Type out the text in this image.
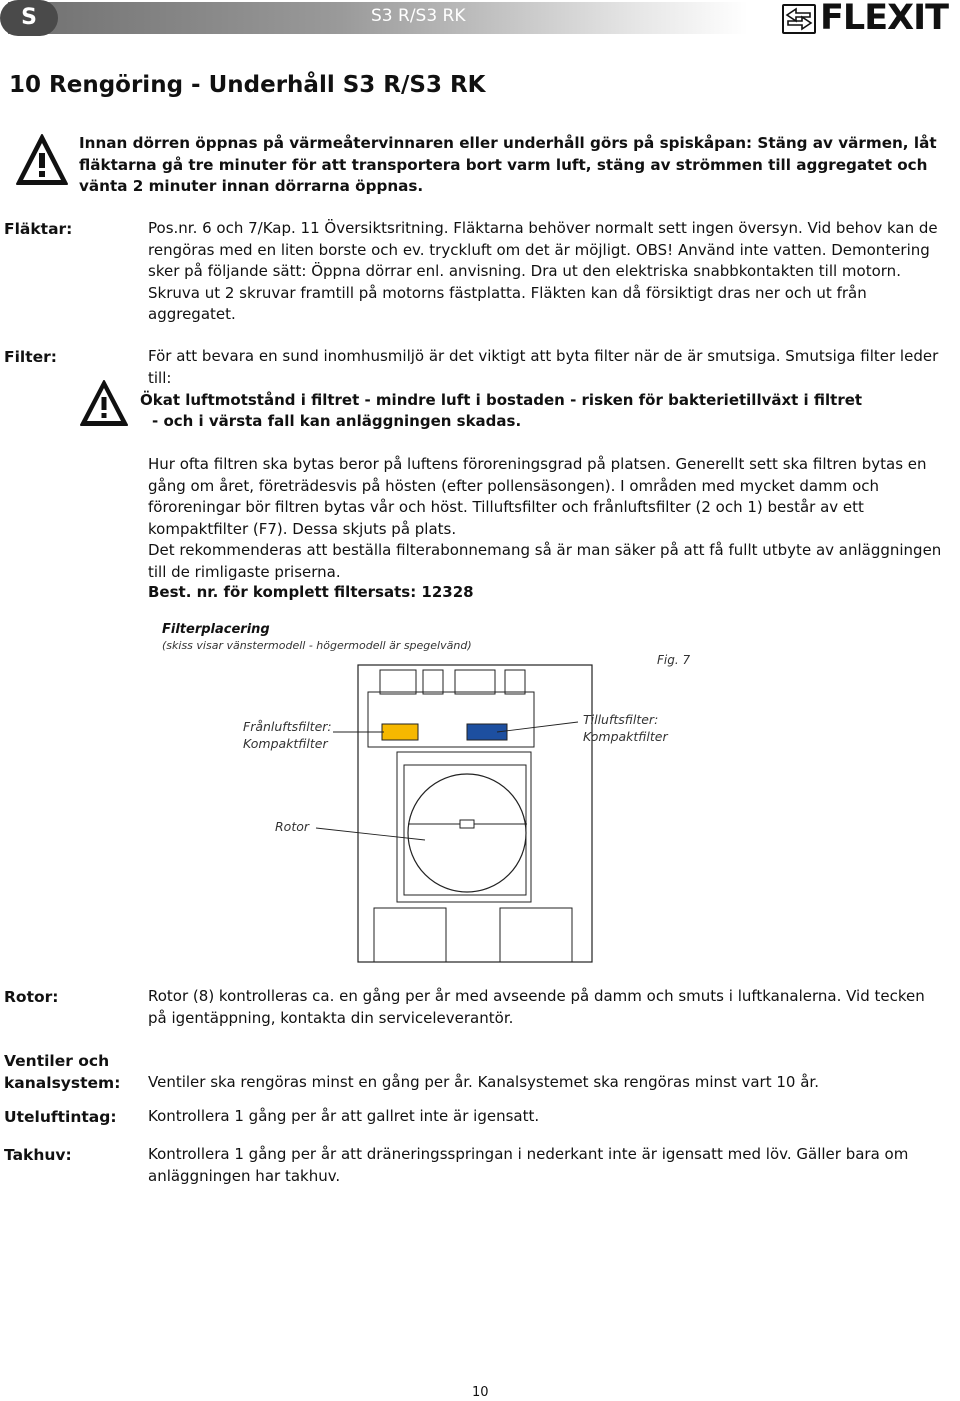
S	S3 R/S3 RK	FLEXIT
10 Rengöring - Underhåll S3 R/S3 RK
Innan dörren öppnas på värmeåtervinnaren eller underhåll görs på spiskåpan: Stäng av värmen, låt fläktarna gå tre minuter för att transportera bort varm luft, stäng av strömmen till aggregatet och vänta 2 minuter innan dörrarna öppnas.
Fläktar:	Pos.nr. 6 och 7/Kap. 11 Översiktsritning. Fläktarna behöver normalt sett ingen översyn. Vid behov kan de rengöras med en liten borste och ev. tryckluft om det är möjligt. OBS! Använd inte vatten. Demontering sker på följande sätt: Öppna dörrar enl. anvisning. Dra ut den elektriska snabbkontakten till motorn. Skruva ut 2 skruvar framtill på motorns fästplatta. Fläkten kan då försiktigt dras ner och ut från aggregatet.
Filter:	För att bevara en sund inomhusmiljö är det viktigt att byta filter när de är smutsiga. Smutsiga filter leder till:
Ökat luftmotstånd i filtret - mindre luft i bostaden - risken för bakterietillväxt i filtret
- och i värsta fall kan anläggningen skadas.
Hur ofta filtren ska bytas beror på luftens föroreningsgrad på platsen. Generellt sett ska filtren bytas en gång om året, företrädesvis på hösten (efter pollensäsongen). I områden med mycket damm och föroreningar bör filtren bytas vår och höst. Tilluftsfilter och frånluftsfilter (2 och 1) består av ett kompaktfilter (F7). Dessa skjuts på plats.
Det rekommenderas att beställa filterabonnemang så är man säker på att få fullt utbyte av anläggningen till de rimligaste priserna.
Best. nr. för komplett filtersats: 12328
Filterplacering
(skiss visar vänstermodell - högermodell är spegelvänd)
Fig. 7
Frånluftsfilter:
Kompaktfilter
Tilluftsfilter:
Kompaktfilter
Rotor
Rotor:	Rotor (8) kontrolleras ca. en gång per år med avseende på damm och smuts i luftkanalerna. Vid tecken på igentäppning, kontakta din serviceleverantör.
Ventiler och
kanalsystem: Ventiler ska rengöras minst en gång per år. Kanalsystemet ska rengöras minst vart 10 år.
Uteluftintag: Kontrollera 1 gång per år att gallret inte är igensatt.
Takhuv:	Kontrollera 1 gång per år att dräneringsspringan i nederkant inte är igensatt med löv. Gäller bara om anläggningen har takhuv.
10
